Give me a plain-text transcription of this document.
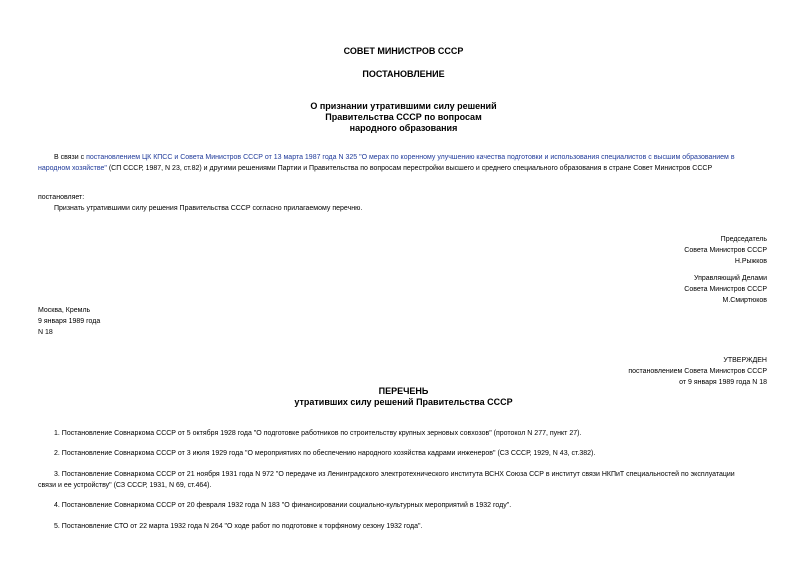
СОВЕТ МИНИСТРОВ СССР
ПОСТАНОВЛЕНИЕ
О признании утратившими силу решений
Правительства СССР по вопросам
народного образования
В связи с постановлением ЦК КПСС и Совета Министров СССР от 13 марта 1987 года N 325 "О мерах по коренному улучшению качества подготовки и использования специалистов с высшим образованием в
народном хозяйстве" (СП СССР, 1987, N 23, ст.82) и другими решениями Партии и Правительства по вопросам перестройки высшего и среднего специального образования в стране Совет Министров СССР
постановляет:
Признать утратившими силу решения Правительства СССР согласно прилагаемому перечню.
Председатель
Совета Министров СССР
Н.Рыжков
Управляющий Делами
Совета Министров СССР
М.Смиртюков
Москва, Кремль
9 января 1989 года
N 18
УТВЕРЖДЕН
постановлением Совета Министров СССР
от 9 января 1989 года N 18
ПЕРЕЧЕНЬ
утративших силу решений Правительства СССР
1. Постановление Совнаркома СССР от 5 октября 1928 года "О подготовке работников по строительству крупных зерновых совхозов" (протокол N 277, пункт 27).
2. Постановление Совнаркома СССР от 3 июля 1929 года "О мероприятиях по обеспечению народного хозяйства кадрами инженеров" (СЗ СССР, 1929, N 43, ст.382).
3. Постановление Совнаркома СССР от 21 ноября 1931 года N 972 "О передаче из Ленинградского электротехнического института ВСНХ Союза ССР в институт связи НКПиТ специальностей по эксплуатации
связи и ее устройству" (СЗ СССР, 1931, N 69, ст.464).
4. Постановление Совнаркома СССР от 20 февраля 1932 года N 183 "О финансировании социально-культурных мероприятий в 1932 году".
5. Постановление СТО от 22 марта 1932 года N 264 "О ходе работ по подготовке к торфяному сезону 1932 года".
